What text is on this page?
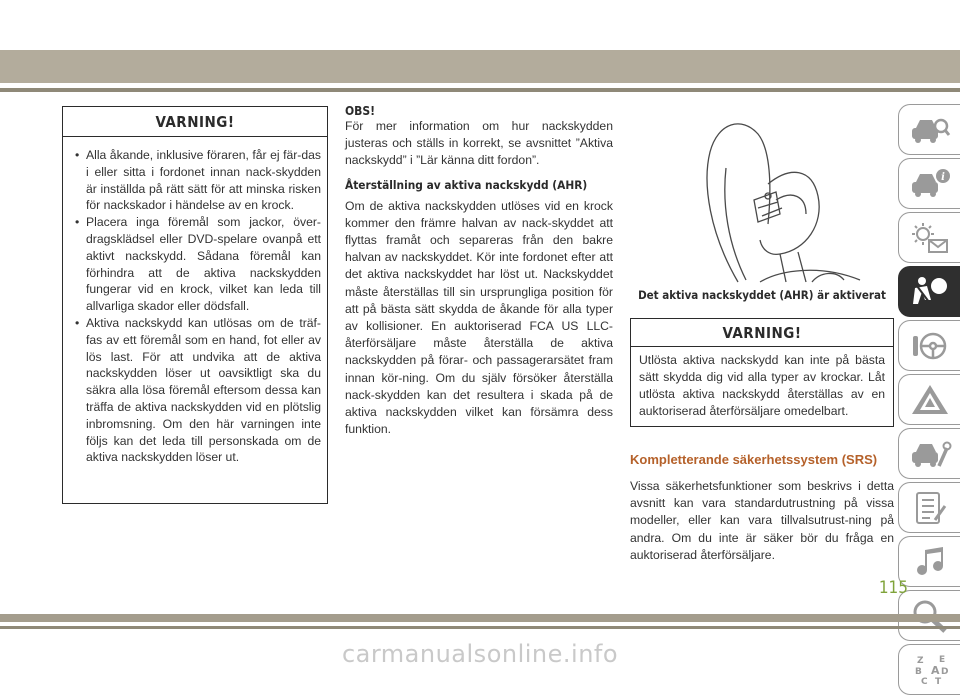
VARNING!
• Alla åkande, inklusive föraren, får ej fär-das i eller sitta i fordonet innan nack-skydden är inställda på rätt sätt för att minska risken för nackskador i händelse av en krock.
• Placera inga föremål som jackor, över-dragsklädsel eller DVD-spelare ovanpå ett aktivt nackskydd. Sådana föremål kan förhindra att de aktiva nackskydden fungerar vid en krock, vilket kan leda till allvarliga skador eller dödsfall.
• Aktiva nackskydd kan utlösas om de träf-fas av ett föremål som en hand, fot eller av lös last. För att undvika att de aktiva nackskydden löser ut oavsiktligt ska du säkra alla lösa föremål eftersom dessa kan träffa de aktiva nackskydden vid en plötslig inbromsning. Om den här varningen inte följs kan det leda till personskada om de aktiva nackskydden löser ut.
OBS!

För mer information om hur nackskydden justeras och ställs in korrekt, se avsnittet ”Aktiva nackskydd” i ”Lär känna ditt fordon”.

Återställning av aktiva nackskydd (AHR)

Om de aktiva nackskydden utlöses vid en krock kommer den främre halvan av nack-skyddet att flyttas framåt och separeras från den bakre halvan av nackskyddet. Kör inte fordonet efter att det aktiva nackskyddet har löst ut. Nackskyddet måste återställas till sin ursprungliga position för att på bästa sätt skydda de åkande för alla typer av kollisioner. En auktoriserad FCA US LLC-återförsäljare måste återställa de aktiva nackskydden på förar- och passagerarsätet fram innan kör-ning. Om du själv försöker återställa nack-skydden kan det resultera i skada på de aktiva nackskydden vilket kan försämra dess funktion.

Det aktiva nackskyddet (AHR) är aktiverat
VARNING!

Utlösta aktiva nackskydd kan inte på bästa sätt skydda dig vid alla typer av krockar. Låt utlösta aktiva nackskydd återställas av en auktoriserad återförsäljare omedelbart.

Kompletterande säkerhetssystem (SRS)

Vissa säkerhetsfunktioner som beskrivs i detta avsnitt kan vara standardutrustning på vissa modeller, eller kan vara tillvalsutrust-ning på andra. Om du inte är säker bör du fråga en auktoriserad återförsäljare.

i
Z E
B A D
C T
115
carmanualsonline.info
